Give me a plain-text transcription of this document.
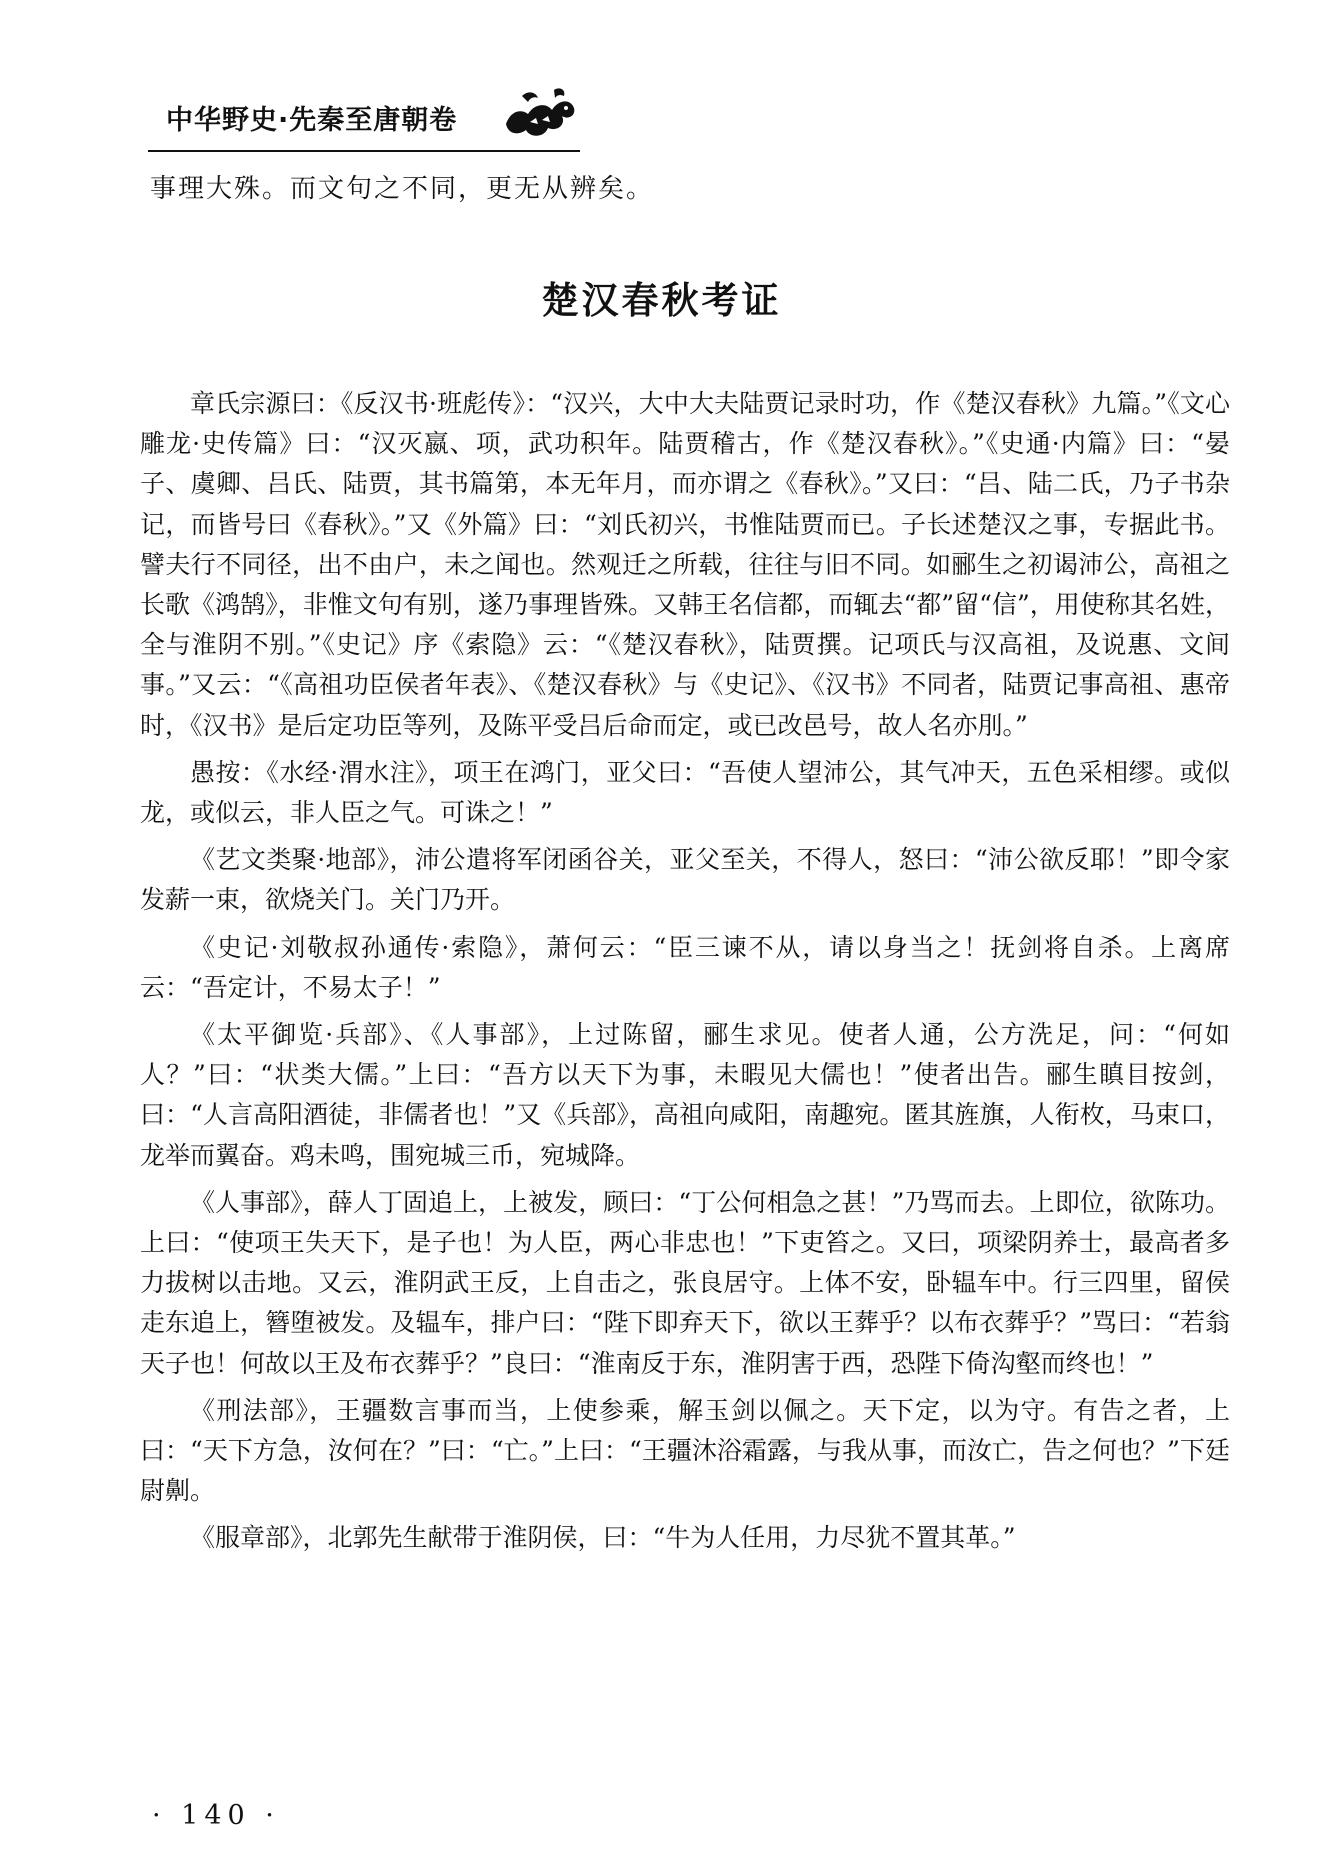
中华野史·先秦至唐朝卷
事理大殊。而文句之不同，更无从辨矣。
楚汉春秋考证

章氏宗源曰：《反汉书·班彪传》：“汉兴，大中大夫陆贾记录时功，作《楚汉春秋》九篇。”《文心雕龙·史传篇》曰：“汉灭嬴、项，武功积年。陆贾稽古，作《楚汉春秋》。”《史通·内篇》曰：“晏子、虞卿、吕氏、陆贾，其书篇第，本无年月，而亦谓之《春秋》。”又曰：“吕、陆二氏，乃子书杂记，而皆号曰《春秋》。”又《外篇》曰：“刘氏初兴，书惟陆贾而已。子长述楚汉之事，专据此书。譬夫行不同径，出不由户，未之闻也。然观迁之所载，往往与旧不同。如郦生之初谒沛公，高祖之长歌《鸿鹄》，非惟文句有别，遂乃事理皆殊。又韩王名信都，而辄去“都”留“信”，用使称其名姓，全与淮阴不别。”《史记》序《索隐》云：“《楚汉春秋》，陆贾撰。记项氏与汉高祖，及说惠、文间事。”又云：“《高祖功臣侯者年表》、《楚汉春秋》与《史记》、《汉书》不同者，陆贾记事高祖、惠帝时，《汉书》是后定功臣等列，及陈平受吕后命而定，或已改邑号，故人名亦刖。”

愚按：《水经·渭水注》，项王在鸿门，亚父曰：“吾使人望沛公，其气冲天，五色采相缪。或似龙，或似云，非人臣之气。可诛之！”

《艺文类聚·地部》，沛公遣将军闭函谷关，亚父至关，不得人，怒曰：“沛公欲反耶！”即令家发薪一束，欲烧关门。关门乃开。

《史记·刘敬叔孙通传·索隐》，萧何云：“臣三谏不从，请以身当之！抚剑将自杀。上离席云：“吾定计，不易太子！”

《太平御览·兵部》、《人事部》，上过陈留，郦生求见。使者人通，公方洗足，问：“何如人？”曰：“状类大儒。”上曰：“吾方以天下为事，未暇见大儒也！”使者出告。郦生瞋目按剑，曰：“人言高阳酒徒，非儒者也！”又《兵部》，高祖向咸阳，南趣宛。匿其旌旗，人衔枚，马束口，龙举而翼奋。鸡未鸣，围宛城三币，宛城降。

《人事部》，薛人丁固追上，上被发，顾曰：“丁公何相急之甚！”乃骂而去。上即位，欲陈功。上曰：“使项王失天下，是子也！为人臣，两心非忠也！”下吏笞之。又曰，项梁阴养士，最高者多力拔树以击地。又云，淮阴武王反，上自击之，张良居守。上体不安，卧辒车中。行三四里，留侯走东追上，簪堕被发。及辒车，排户曰：“陛下即弃天下，欲以王葬乎？以布衣葬乎？”骂曰：“若翁天子也！何故以王及布衣葬乎？”良曰：“淮南反于东，淮阴害于西，恐陛下倚沟壑而终也！”

《刑法部》，王疆数言事而当，上使参乘，解玉剑以佩之。天下定，以为守。有告之者，上曰：“天下方急，汝何在？”曰：“亡。”上曰：“王疆沐浴霜露，与我从事，而汝亡，告之何也？”下廷尉劓。

《服章部》，北郭先生献带于淮阴侯，曰：“牛为人任用，力尽犹不置其革。”

· 140 ·
